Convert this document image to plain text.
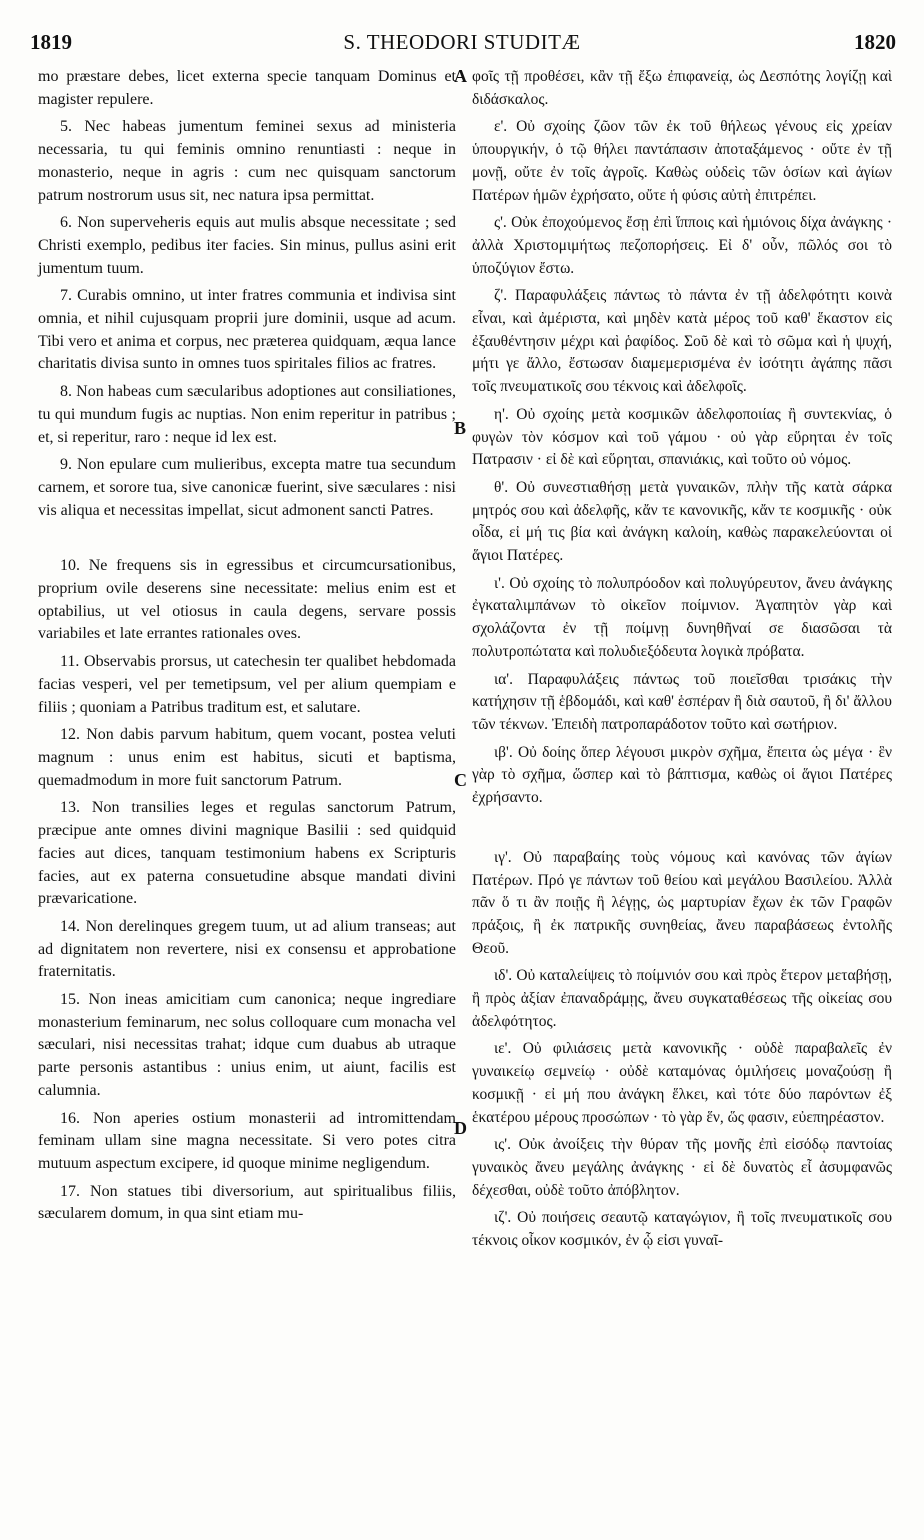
1819	S. THEODORI STUDITÆ	1820
A
B
C
D

mo præstare debes, licet externa specie tanquam Dominus et magister repulere.

5. Nec habeas jumentum feminei sexus ad ministeria necessaria, tu qui feminis omnino renuntiasti : neque in monasterio, neque in agris : cum nec quisquam sanctorum patrum nostrorum usus sit, nec natura ipsa permittat.

6. Non superveheris equis aut mulis absque necessitate ; sed Christi exemplo, pedibus iter facies. Sin minus, pullus asini erit jumentum tuum.

7. Curabis omnino, ut inter fratres communia et indivisa sint omnia, et nihil cujusquam proprii jure dominii, usque ad acum. Tibi vero et anima et corpus, nec præterea quidquam, æqua lance charitatis divisa sunto in omnes tuos spiritales filios ac fratres.

8. Non habeas cum sæcularibus adoptiones aut consiliationes, tu qui mundum fugis ac nuptias. Non enim reperitur in patribus ; et, si reperitur, raro : neque id lex est.

9. Non epulare cum mulieribus, excepta matre tua secundum carnem, et sorore tua, sive canonicæ fuerint, sive sæculares : nisi vis aliqua et necessitas impellat, sicut admonent sancti Patres.

10. Ne frequens sis in egressibus et circumcursationibus, proprium ovile deserens sine necessitate: melius enim est et optabilius, ut vel otiosus in caula degens, servare possis variabiles et late errantes rationales oves.

11. Observabis prorsus, ut catechesin ter qualibet hebdomada facias vesperi, vel per temetipsum, vel per alium quempiam e filiis ; quoniam a Patribus traditum est, et salutare.

12. Non dabis parvum habitum, quem vocant, postea veluti magnum : unus enim est habitus, sicuti et baptisma, quemadmodum in more fuit sanctorum Patrum.

13. Non transilies leges et regulas sanctorum Patrum, præcipue ante omnes divini magnique Basilii : sed quidquid facies aut dices, tanquam testimonium habens ex Scripturis facies, aut ex paterna consuetudine absque mandati divini prævaricatione.

14. Non derelinques gregem tuum, ut ad alium transeas; aut ad dignitatem non revertere, nisi ex consensu et approbatione fraternitatis.

15. Non ineas amicitiam cum canonica; neque ingrediare monasterium feminarum, nec solus colloquare cum monacha vel sæculari, nisi necessitas trahat; idque cum duabus ab utraque parte personis astantibus : unius enim, ut aiunt, facilis est calumnia.

16. Non aperies ostium monasterii ad intromittendam feminam ullam sine magna necessitate. Si vero potes citra mutuum aspectum excipere, id quoque minime negligendum.

17. Non statues tibi diversorium, aut spiritualibus filiis, sæcularem domum, in qua sint etiam mu-

φοῖς τῇ προθέσει, κἂν τῇ ἔξω ἐπιφανείᾳ, ὡς Δεσπότης λογίζῃ καὶ διδάσκαλος.

ε'. Οὐ σχοίης ζῶον τῶν ἐκ τοῦ θήλεως γένους εἰς χρείαν ὑπουργικήν, ὁ τῷ θήλει παντάπασιν ἀποταξάμενος · οὔτε ἐν τῇ μονῇ, οὔτε ἐν τοῖς ἀγροῖς. Καθὼς οὐδεὶς τῶν ὁσίων καὶ ἁγίων Πατέρων ἡμῶν ἐχρήσατο, οὔτε ἡ φύσις αὐτὴ ἐπιτρέπει.

ς'. Οὐκ ἐποχούμενος ἔσῃ ἐπὶ ἵπποις καὶ ἡμιόνοις δίχα ἀνάγκης · ἀλλὰ Χριστομιμήτως πεζοπορήσεις. Εἰ δ' οὖν, πῶλός σοι τὸ ὑποζύγιον ἔστω.

ζ'. Παραφυλάξεις πάντως τὸ πάντα ἐν τῇ ἀδελφότητι κοινὰ εἶναι, καὶ ἀμέριστα, καὶ μηδὲν κατὰ μέρος τοῦ καθ' ἕκαστον εἰς ἐξαυθέντησιν μέχρι καὶ ῥαφίδος. Σοῦ δὲ καὶ τὸ σῶμα καὶ ἡ ψυχή, μήτι γε ἄλλο, ἔστωσαν διαμεμερισμένα ἐν ἰσότητι ἀγάπης πᾶσι τοῖς πνευματικοῖς σου τέκνοις καὶ ἀδελφοῖς.

η'. Οὐ σχοίης μετὰ κοσμικῶν ἀδελφοποιίας ἢ συντεκνίας, ὁ φυγὼν τὸν κόσμον καὶ τοῦ γάμου · οὐ γὰρ εὕρηται ἐν τοῖς Πατρασιν · εἰ δὲ καὶ εὕρηται, σπανιάκις, καὶ τοῦτο οὐ νόμος.

θ'. Οὐ συνεστιαθήσῃ μετὰ γυναικῶν, πλὴν τῆς κατὰ σάρκα μητρός σου καὶ ἀδελφῆς, κἄν τε κανονικῆς, κἄν τε κοσμικῆς · οὐκ οἶδα, εἰ μή τις βία καὶ ἀνάγκη καλοίη, καθὼς παρακελεύονται οἱ ἅγιοι Πατέρες.

ι'. Οὐ σχοίης τὸ πολυπρόοδον καὶ πολυγύρευτον, ἄνευ ἀνάγκης ἐγκαταλιμπάνων τὸ οἰκεῖον ποίμνιον. Ἀγαπητὸν γὰρ καὶ σχολάζοντα ἐν τῇ ποίμνῃ δυνηθῆναί σε διασῶσαι τὰ πολυτροπώτατα καὶ πολυδιεξόδευτα λογικὰ πρόβατα.

ια'. Παραφυλάξεις πάντως τοῦ ποιεῖσθαι τρισάκις τὴν κατήχησιν τῇ ἑβδομάδι, καὶ καθ' ἑσπέραν ἢ διὰ σαυτοῦ, ἢ δι' ἄλλου τῶν τέκνων. Ἐπειδὴ πατροπαράδοτον τοῦτο καὶ σωτήριον.

ιβ'. Οὐ δοίης ὅπερ λέγουσι μικρὸν σχῆμα, ἔπειτα ὡς μέγα · ἓν γὰρ τὸ σχῆμα, ὥσπερ καὶ τὸ βάπτισμα, καθὼς οἱ ἅγιοι Πατέρες ἐχρήσαντο.

ιγ'. Οὐ παραβαίης τοὺς νόμους καὶ κανόνας τῶν ἁγίων Πατέρων. Πρό γε πάντων τοῦ θείου καὶ μεγάλου Βασιλείου. Ἀλλὰ πᾶν ὅ τι ἂν ποιῇς ἢ λέγῃς, ὡς μαρτυρίαν ἔχων ἐκ τῶν Γραφῶν πράξοις, ἢ ἐκ πατρικῆς συνηθείας, ἄνευ παραβάσεως ἐντολῆς Θεοῦ.

ιδ'. Οὐ καταλείψεις τὸ ποίμνιόν σου καὶ πρὸς ἕτερον μεταβήσῃ, ἢ πρὸς ἀξίαν ἐπαναδράμῃς, ἄνευ συγκαταθέσεως τῆς οἰκείας σου ἀδελφότητος.

ιε'. Οὐ φιλιάσεις μετὰ κανονικῆς · οὐδὲ παραβαλεῖς ἐν γυναικείῳ σεμνείῳ · οὐδὲ καταμόνας ὁμιλήσεις μοναζούσῃ ἢ κοσμικῇ · εἰ μή που ἀνάγκη ἕλκει, καὶ τότε δύο παρόντων ἐξ ἑκατέρου μέρους προσώπων · τὸ γὰρ ἕν, ὥς φασιν, εὐεπηρέαστον.

ις'. Οὐκ ἀνοίξεις τὴν θύραν τῆς μονῆς ἐπὶ εἰσόδῳ παντοίας γυναικὸς ἄνευ μεγάλης ἀνάγκης · εἰ δὲ δυνατὸς εἶ ἀσυμφανῶς δέχεσθαι, οὐδὲ τοῦτο ἀπόβλητον.

ιζ'. Οὐ ποιήσεις σεαυτῷ καταγώγιον, ἢ τοῖς πνευματικοῖς σου τέκνοις οἶκον κοσμικόν, ἐν ᾧ εἰσι γυναῖ-
